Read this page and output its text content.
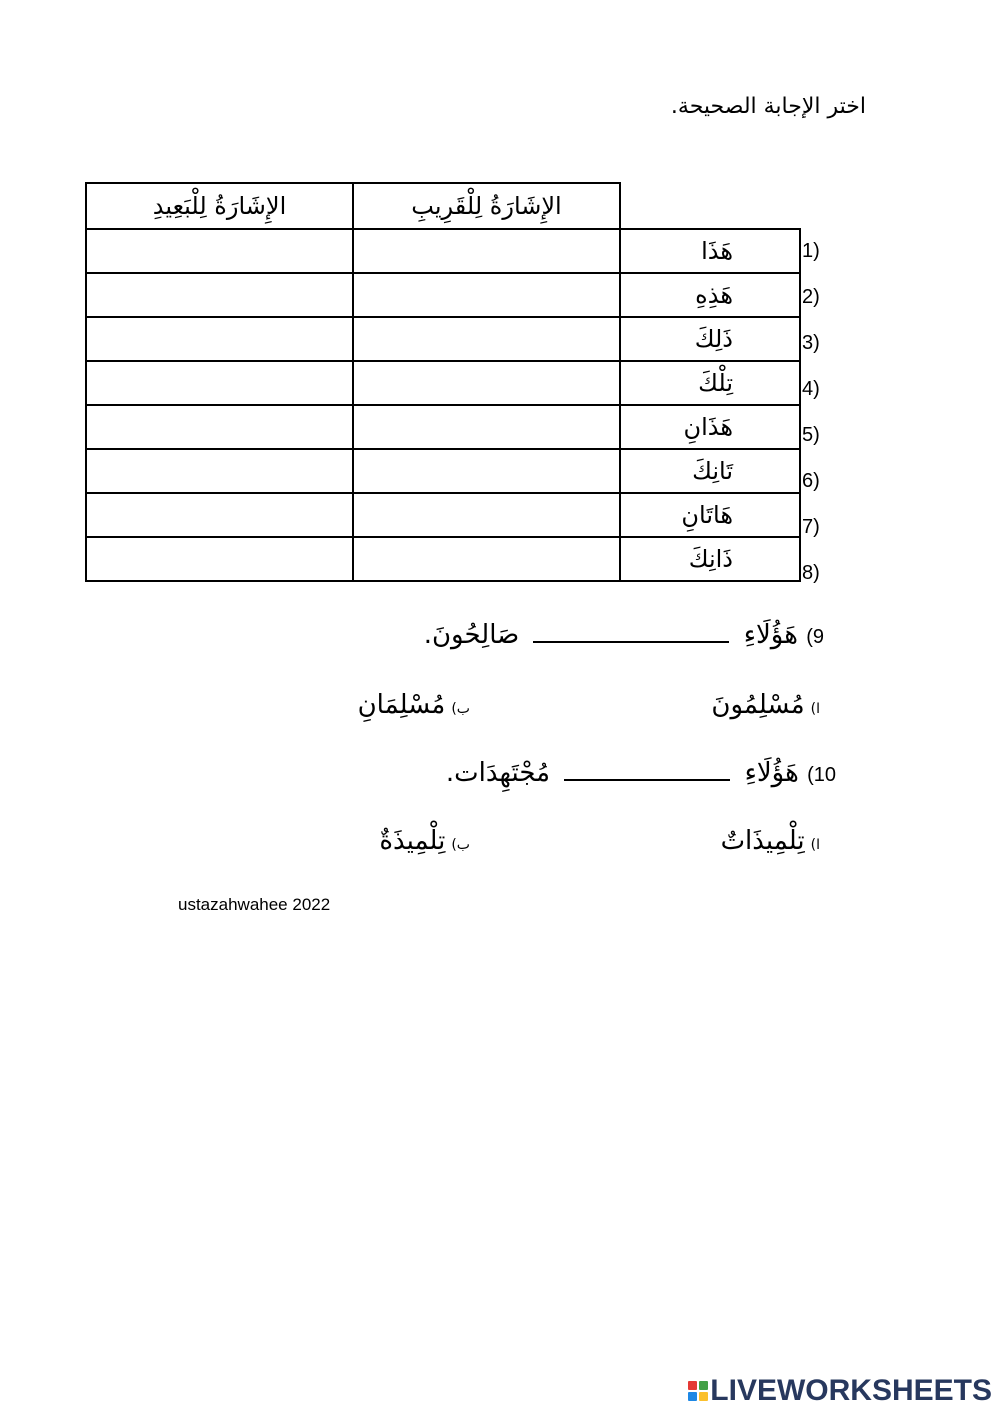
اختر الإجابة الصحيحة.
الإِشَارَةُ لِلْبَعِيدِ	الإِشَارَةُ لِلْقَرِيبِ	
		هَذَا
		هَذِهِ
		ذَلِكَ
		تِلْكَ
		هَذَانِ
		تَانِكَ
		هَاتَانِ
		ذَانِكَ
1)
2)
3)
4)
5)
6)
7)
8)
9) هَؤُلَاءِ  صَالِحُونَ.
ا)مُسْلِمُونَ
ب)مُسْلِمَانِ
10) هَؤُلَاءِ  مُجْتَهِدَات.
ا)تِلْمِيذَاتٌ
ب)تِلْمِيذَةٌ
ustazahwahee 2022
LIVEWORKSHEETS
